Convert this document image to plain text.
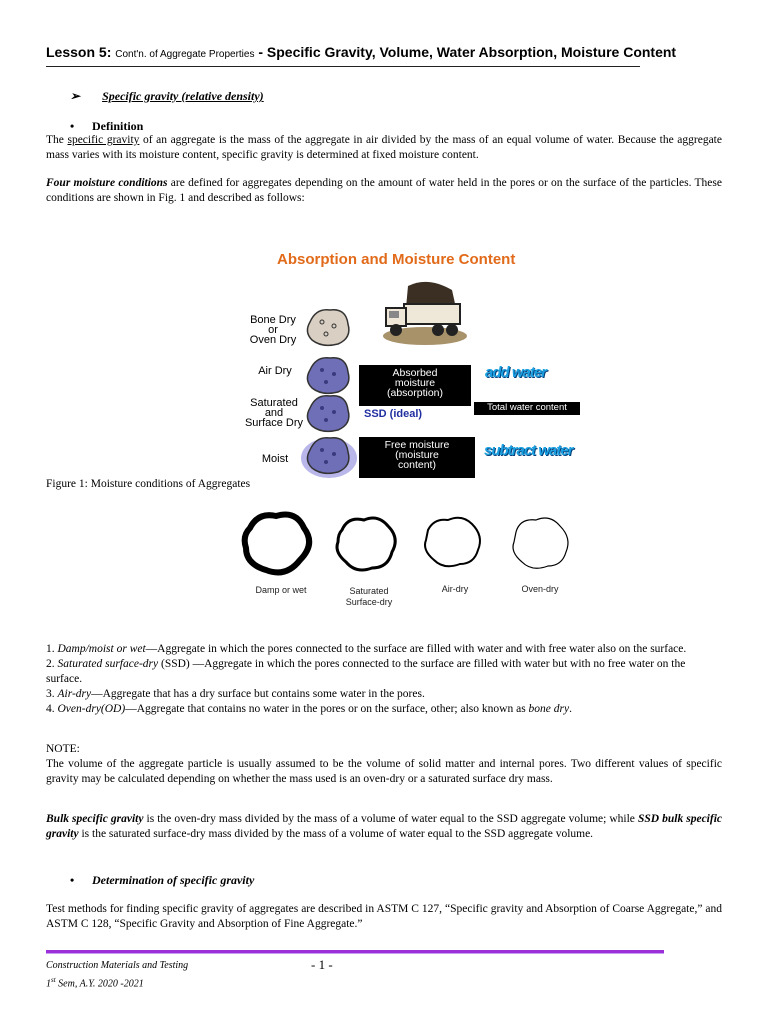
Lesson 5: Cont'n. of Aggregate Properties - Specific Gravity, Volume, Water Absorption, Moisture Content
➢ Specific gravity (relative density)
• Definition
The specific gravity of an aggregate is the mass of the aggregate in air divided by the mass of an equal volume of water. Because the aggregate mass varies with its moisture content, specific gravity is determined at fixed moisture content.
Four moisture conditions are defined for aggregates depending on the amount of water held in the pores or on the surface of the particles. These conditions are shown in Fig. 1 and described as follows:
Absorption and Moisture Content
Bone Dry
or
Oven Dry
Air Dry
Saturated
and
Surface Dry
Moist
Absorbed
moisture
(absorption)
SSD (ideal)
Total water content
Free moisture
(moisture
content)
add water
subtract water
Figure 1: Moisture conditions of Aggregates
Damp or wet	Saturated
Surface-dry
Air-dry	Oven-dry

1. Damp/moist or wet—Aggregate in which the pores connected to the surface are filled with water and with free water also on the surface.

2. Saturated surface-dry (SSD) —Aggregate in which the pores connected to the surface are filled with water but with no free water on the surface.

3. Air-dry—Aggregate that has a dry surface but contains some water in the pores.

4. Oven-dry(OD)—Aggregate that contains no water in the pores or on the surface, other; also known as bone dry.

NOTE:
The volume of the aggregate particle is usually assumed to be the volume of solid matter and internal pores. Two different values of specific gravity may be calculated depending on whether the mass used is an oven-dry or a saturated surface dry mass.
Bulk specific gravity is the oven-dry mass divided by the mass of a volume of water equal to the SSD aggregate volume; while SSD bulk specific gravity is the saturated surface-dry mass divided by the mass of a volume of water equal to the SSD aggregate volume.
• Determination of specific gravity
Test methods for finding specific gravity of aggregates are described in ASTM C 127, “Specific gravity and Absorption of Coarse Aggregate,” and ASTM C 128, “Specific Gravity and Absorption of Fine Aggregate.”
Construction Materials and Testing
1st Sem, A.Y. 2020 -2021
- 1 -
